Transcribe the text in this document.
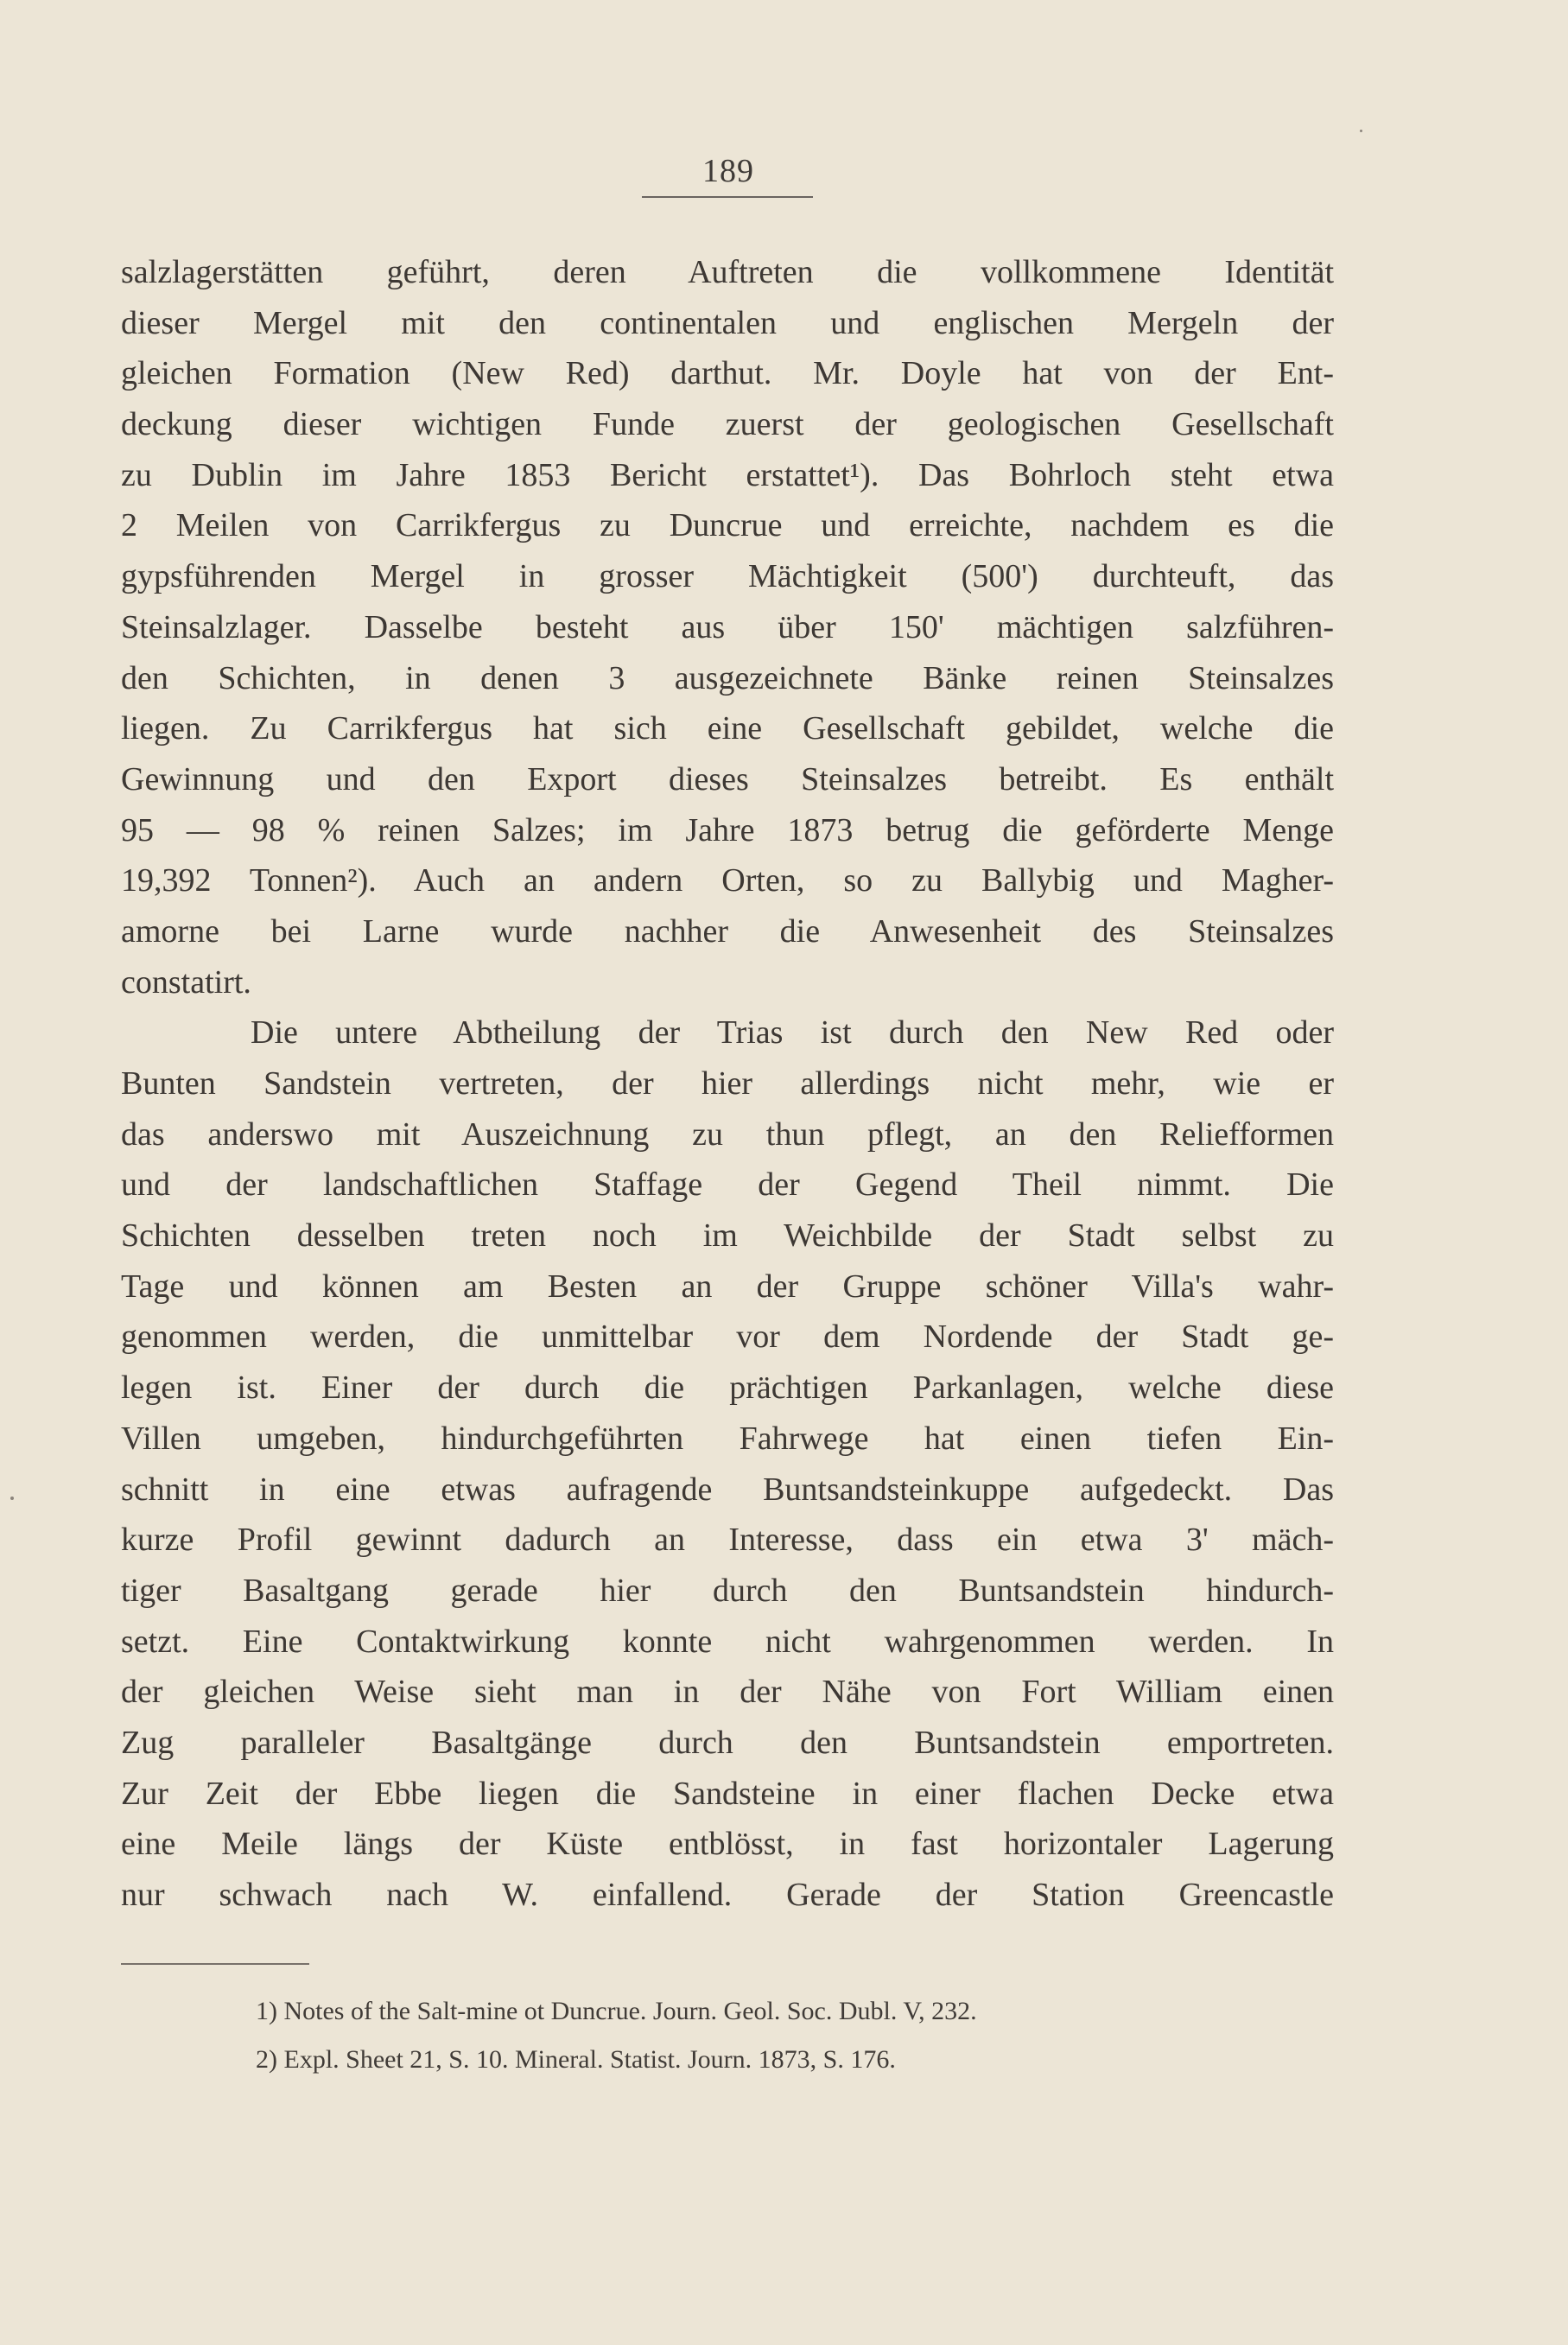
189
salzlagerstätten geführt, deren Auftreten die vollkommene Identität
dieser Mergel mit den continentalen und englischen Mergeln der
gleichen Formation (New Red) darthut. Mr. Doyle hat von der Ent-
deckung dieser wichtigen Funde zuerst der geologischen Gesellschaft
zu Dublin im Jahre 1853 Bericht erstattet¹). Das Bohrloch steht etwa
2 Meilen von Carrikfergus zu Duncrue und erreichte, nachdem es die
gypsführenden Mergel in grosser Mächtigkeit (500') durchteuft, das
Steinsalzlager. Dasselbe besteht aus über 150' mächtigen salzführen-
den Schichten, in denen 3 ausgezeichnete Bänke reinen Steinsalzes
liegen. Zu Carrikfergus hat sich eine Gesellschaft gebildet, welche die
Gewinnung und den Export dieses Steinsalzes betreibt. Es enthält
95 — 98 % reinen Salzes; im Jahre 1873 betrug die geförderte Menge
19,392 Tonnen²). Auch an andern Orten, so zu Ballybig und Magher-
amorne bei Larne wurde nachher die Anwesenheit des Steinsalzes
constatirt.
Die untere Abtheilung der Trias ist durch den New Red oder
Bunten Sandstein vertreten, der hier allerdings nicht mehr, wie er
das anderswo mit Auszeichnung zu thun pflegt, an den Reliefformen
und der landschaftlichen Staffage der Gegend Theil nimmt. Die
Schichten desselben treten noch im Weichbilde der Stadt selbst zu
Tage und können am Besten an der Gruppe schöner Villa's wahr-
genommen werden, die unmittelbar vor dem Nordende der Stadt ge-
legen ist. Einer der durch die prächtigen Parkanlagen, welche diese
Villen umgeben, hindurchgeführten Fahrwege hat einen tiefen Ein-
schnitt in eine etwas aufragende Buntsandsteinkuppe aufgedeckt. Das
kurze Profil gewinnt dadurch an Interesse, dass ein etwa 3' mäch-
tiger Basaltgang gerade hier durch den Buntsandstein hindurch-
setzt. Eine Contaktwirkung konnte nicht wahrgenommen werden. In
der gleichen Weise sieht man in der Nähe von Fort William einen
Zug paralleler Basaltgänge durch den Buntsandstein emportreten.
Zur Zeit der Ebbe liegen die Sandsteine in einer flachen Decke etwa
eine Meile längs der Küste entblösst, in fast horizontaler Lagerung
nur schwach nach W. einfallend. Gerade der Station Greencastle
1) Notes of the Salt-mine ot Duncrue. Journ. Geol. Soc. Dubl. V, 232.
2) Expl. Sheet 21, S. 10. Mineral. Statist. Journ. 1873, S. 176.
